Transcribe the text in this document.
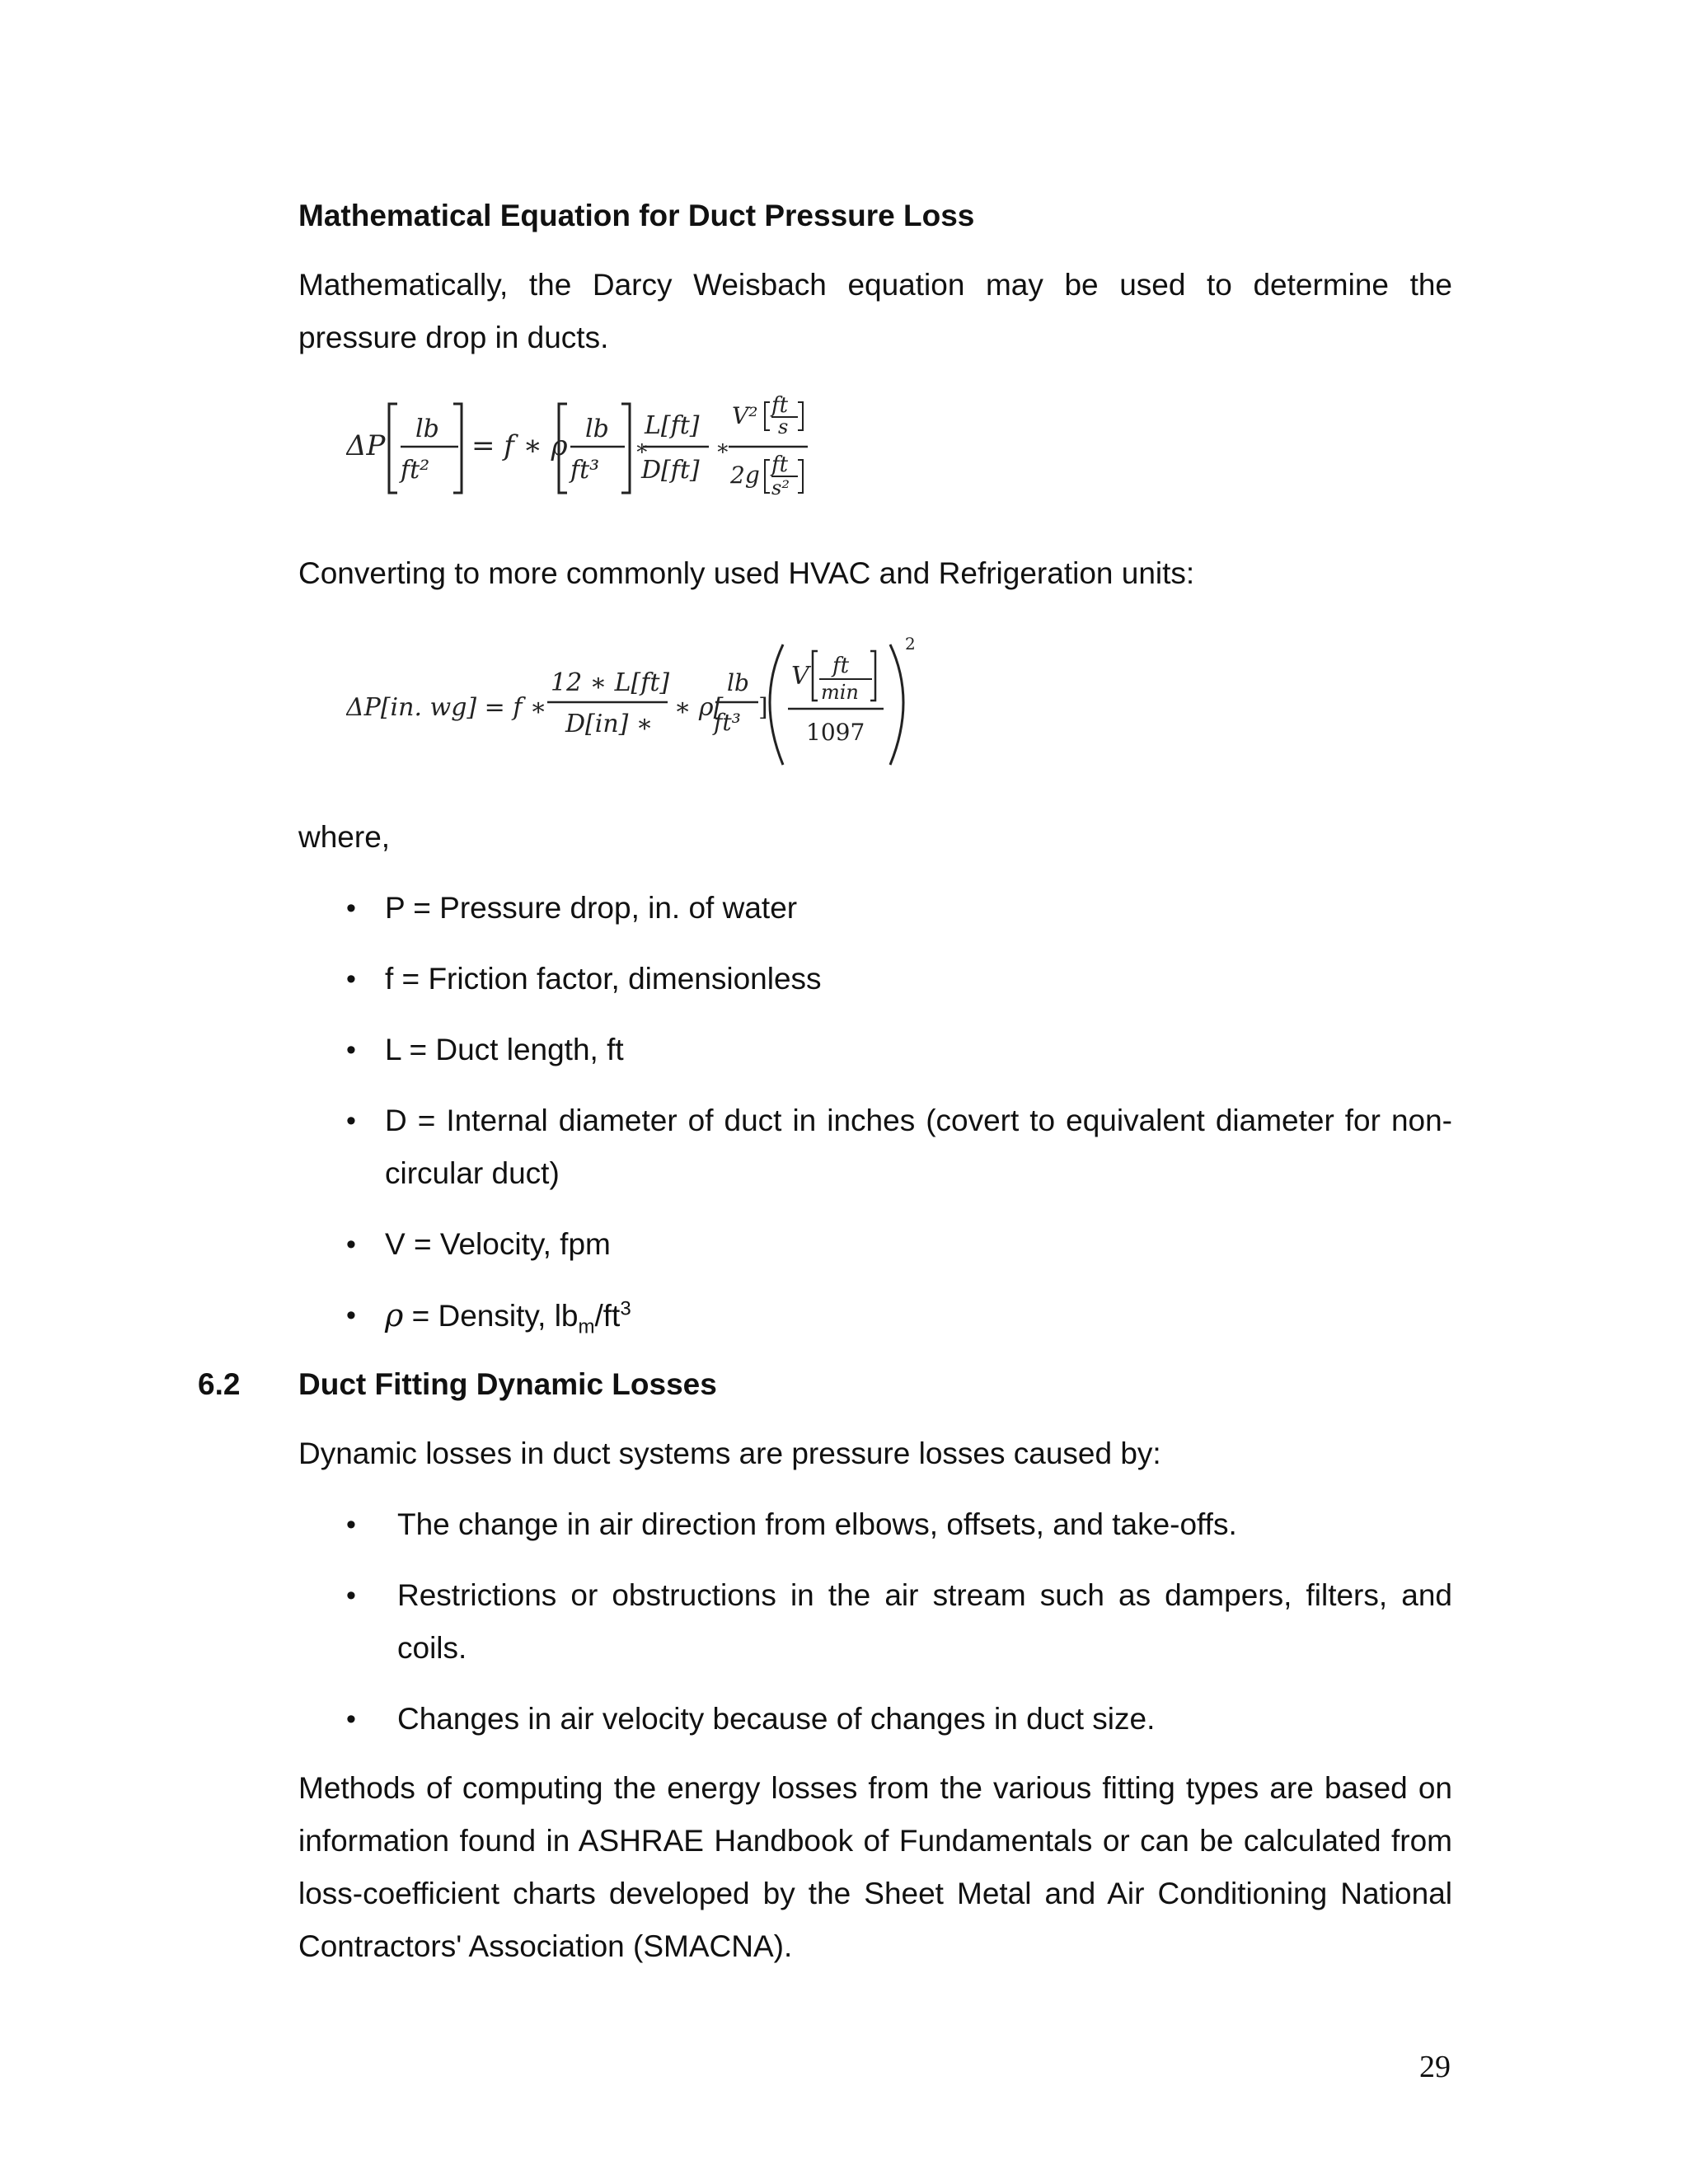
Mathematical Equation for Duct Pressure Loss
Mathematically, the Darcy Weisbach equation may be used to determine the pressure drop in ducts.
ΔP
lb
ft²
= f ∗ ρ
lb
ft³
∗
L[ft]
D[ft]
∗
V² ft
s
2g ft
s²
Converting to more commonly used HVAC and Refrigeration units:
ΔP[in. wg] = f ∗
12 ∗ L[ft]
D[in] ∗
∗ ρ[
lb
ft³
]
V ft
min
1097
2
where,
• P = Pressure drop, in. of water
• f = Friction factor, dimensionless
• L = Duct length, ft
• D = Internal diameter of duct in inches (covert to equivalent diameter for non-circular duct)
• V = Velocity, fpm
• ρ = Density, $lb_m/ft^3$
6.2 Duct Fitting Dynamic Losses
Dynamic losses in duct systems are pressure losses caused by:
• The change in air direction from elbows, offsets, and take-offs.
• Restrictions or obstructions in the air stream such as dampers, filters, and coils.
• Changes in air velocity because of changes in duct size.
Methods of computing the energy losses from the various fitting types are based on information found in ASHRAE Handbook of Fundamentals or can be calculated from loss-coefficient charts developed by the Sheet Metal and Air Conditioning National Contractors' Association (SMACNA).
29
